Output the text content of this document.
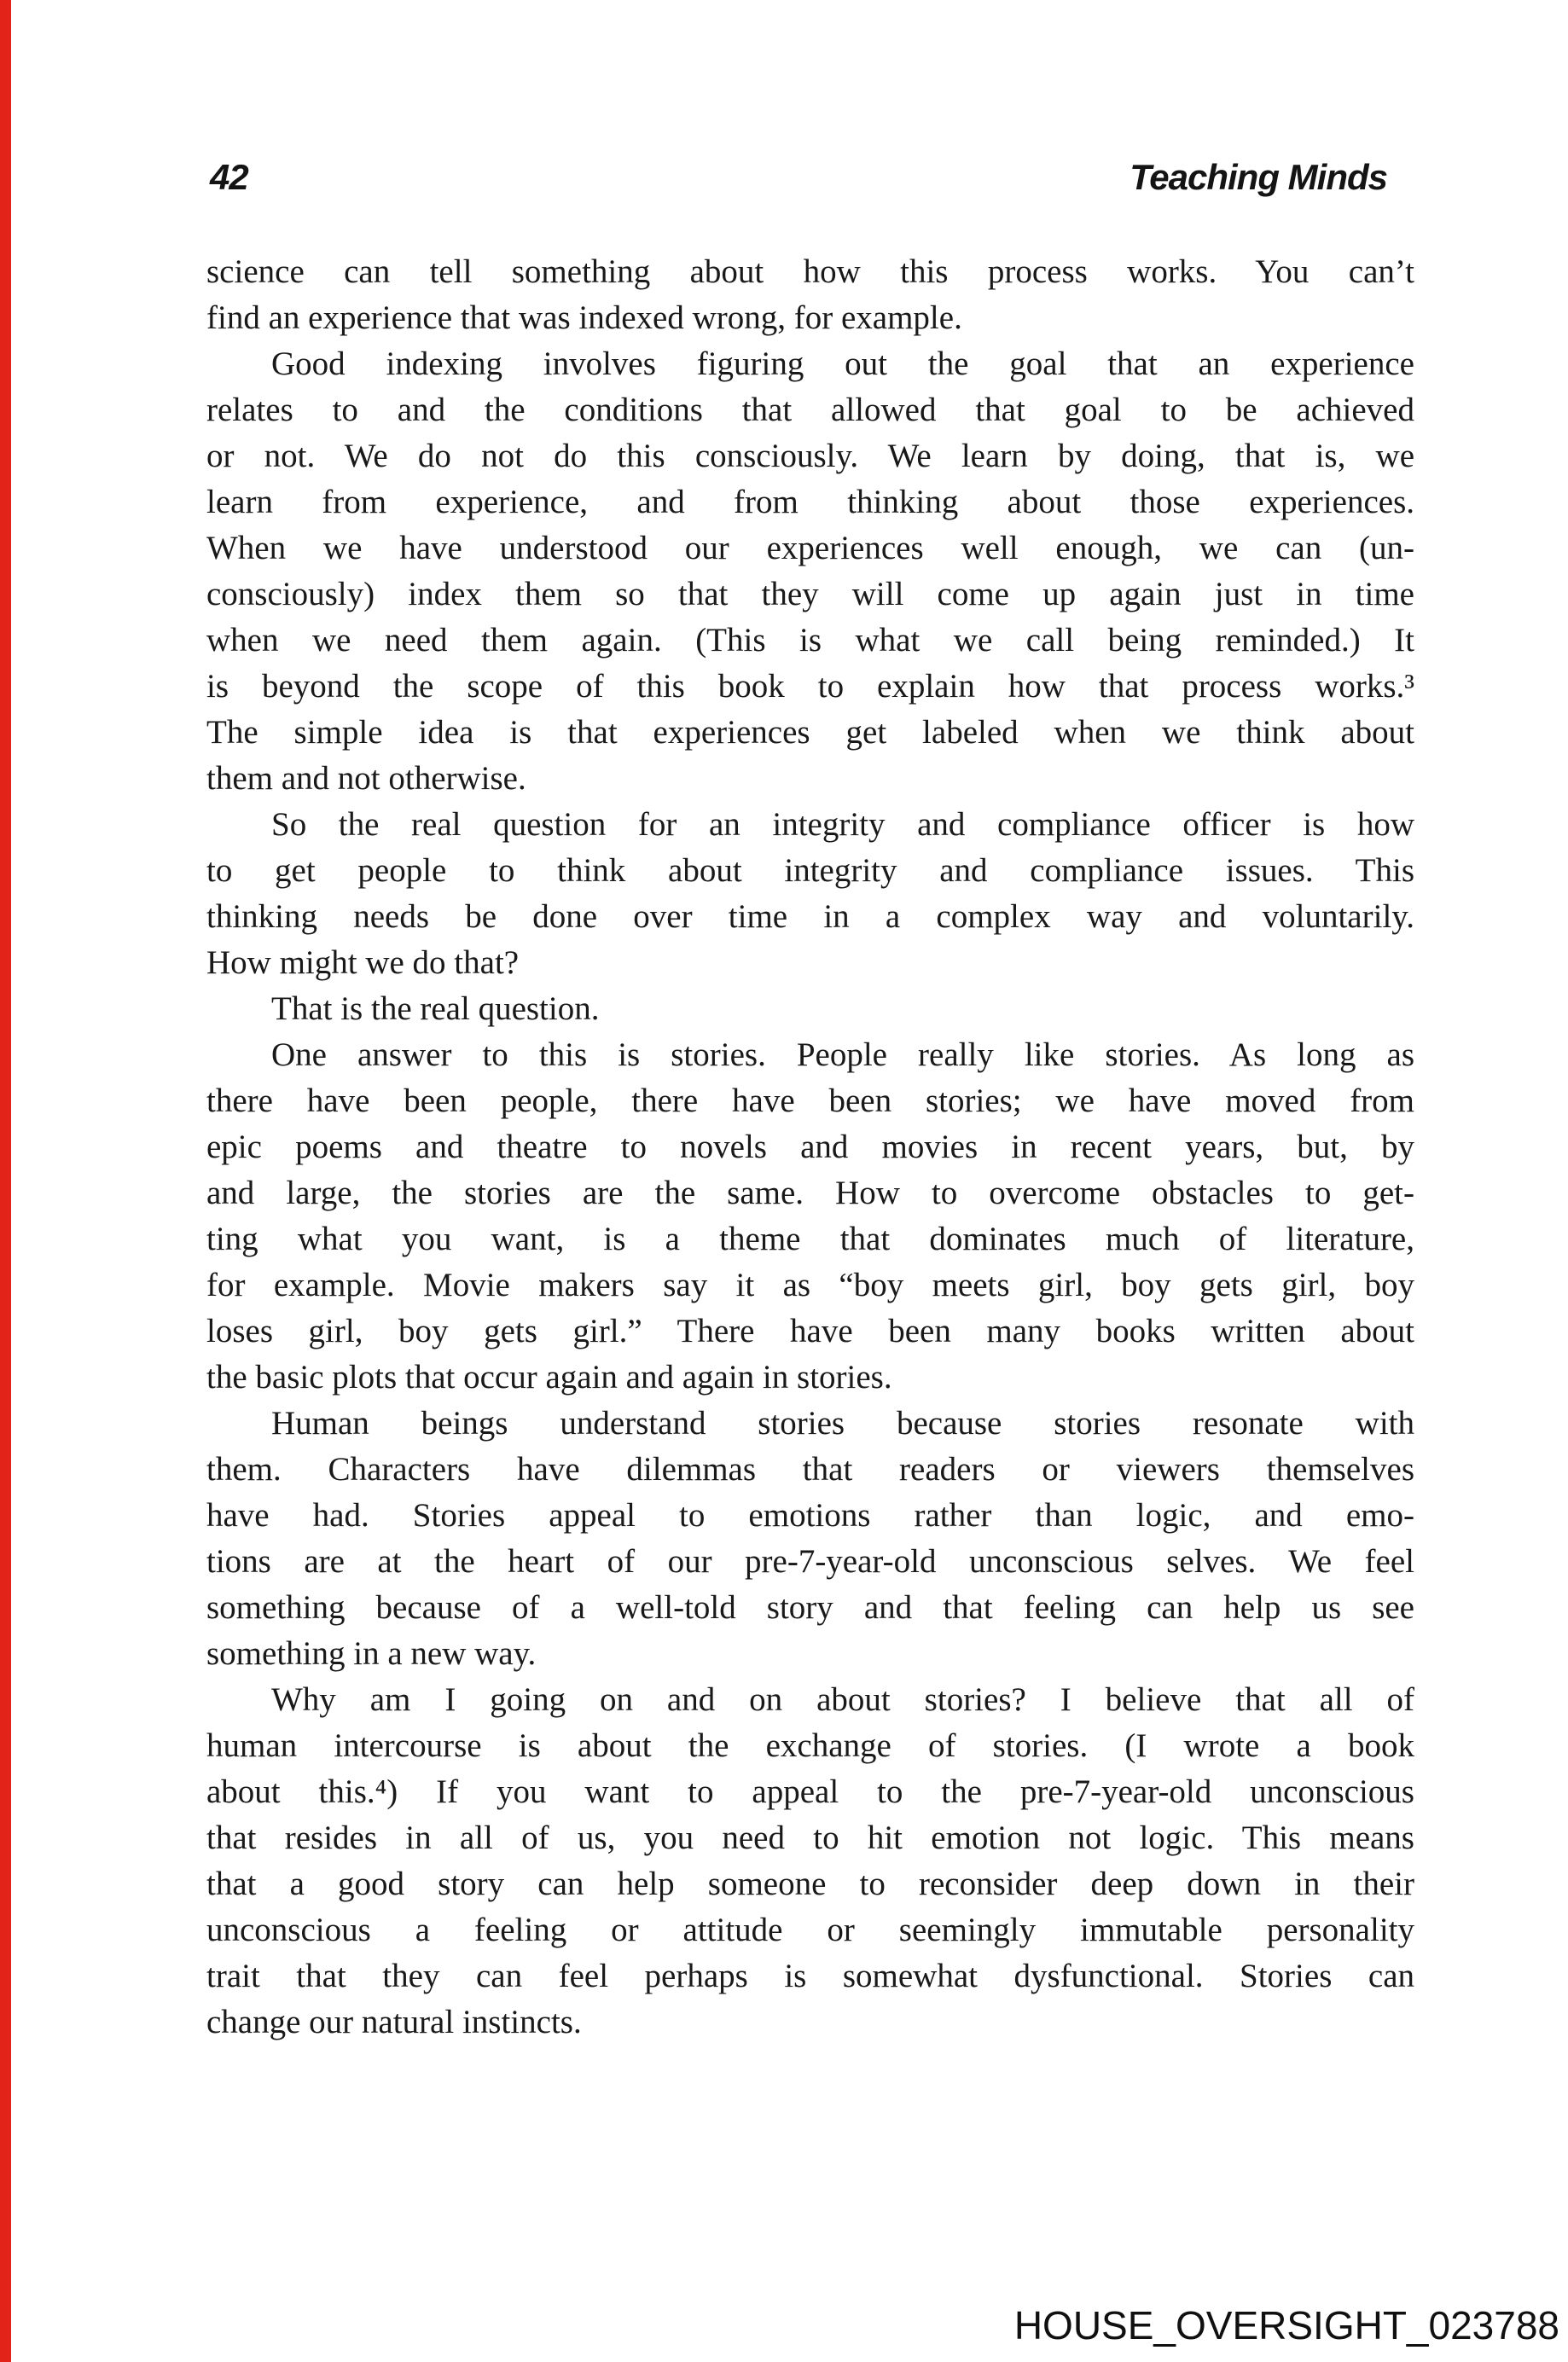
42	Teaching Minds
science can tell something about how this process works. You can’t
find an experience that was indexed wrong, for example.
Good indexing involves figuring out the goal that an experience
relates to and the conditions that allowed that goal to be achieved
or not. We do not do this consciously. We learn by doing, that is, we
learn from experience, and from thinking about those experiences.
When we have understood our experiences well enough, we can (un-
consciously) index them so that they will come up again just in time
when we need them again. (This is what we call being reminded.) It
is beyond the scope of this book to explain how that process works.³
The simple idea is that experiences get labeled when we think about
them and not otherwise.
So the real question for an integrity and compliance officer is how
to get people to think about integrity and compliance issues. This
thinking needs be done over time in a complex way and voluntarily.
How might we do that?
That is the real question.
One answer to this is stories. People really like stories. As long as
there have been people, there have been stories; we have moved from
epic poems and theatre to novels and movies in recent years, but, by
and large, the stories are the same. How to overcome obstacles to get-
ting what you want, is a theme that dominates much of literature,
for example. Movie makers say it as “boy meets girl, boy gets girl, boy
loses girl, boy gets girl.” There have been many books written about
the basic plots that occur again and again in stories.
Human beings understand stories because stories resonate with
them. Characters have dilemmas that readers or viewers themselves
have had. Stories appeal to emotions rather than logic, and emo-
tions are at the heart of our pre-7-year-old unconscious selves. We feel
something because of a well-told story and that feeling can help us see
something in a new way.
Why am I going on and on about stories? I believe that all of
human intercourse is about the exchange of stories. (I wrote a book
about this.⁴) If you want to appeal to the pre-7-year-old unconscious
that resides in all of us, you need to hit emotion not logic. This means
that a good story can help someone to reconsider deep down in their
unconscious a feeling or attitude or seemingly immutable personality
trait that they can feel perhaps is somewhat dysfunctional. Stories can
change our natural instincts.
HOUSE_OVERSIGHT_023788
